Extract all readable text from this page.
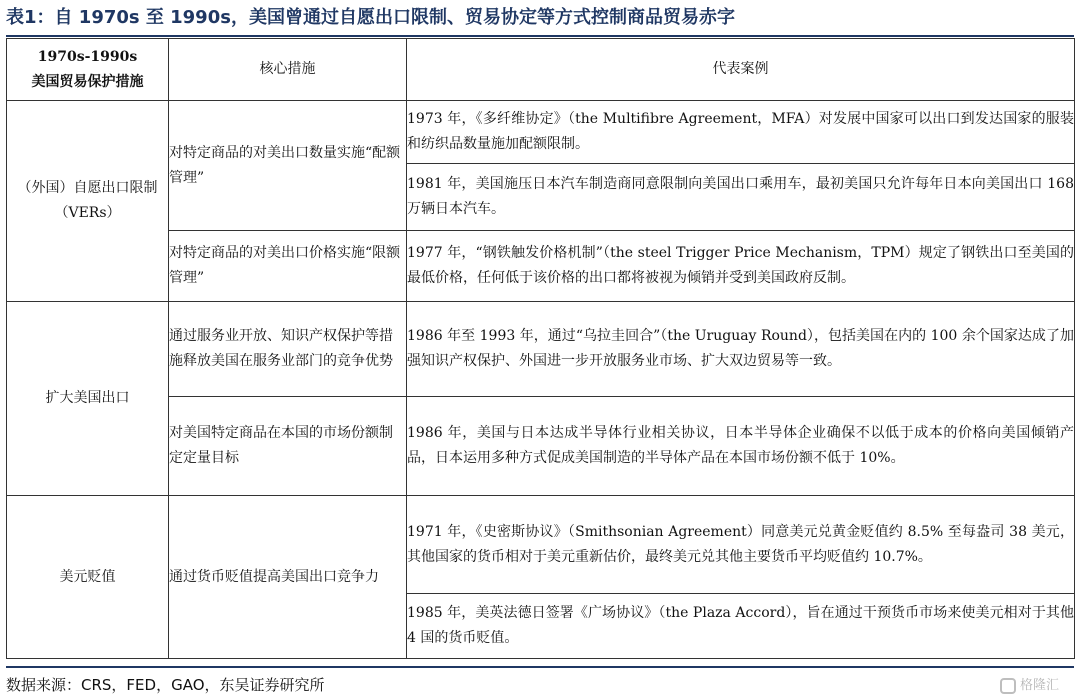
表1：自 1970s 至 1990s，美国曾通过自愿出口限制、贸易协定等方式控制商品贸易赤字
1970s-1990s
美国贸易保护措施	核心措施	代表案例
（外国）自愿出口限制（VERs）	对特定商品的对美出口数量实施“配额管理”	1973 年，《多纤维协定》（the Multifibre Agreement，MFA）对发展中国家可以出口到发达国家的服装和纺织品数量施加配额限制。
		1981 年，美国施压日本汽车制造商同意限制向美国出口乘用车，最初美国只允许每年日本向美国出口 168 万辆日本汽车。
	对特定商品的对美出口价格实施“限额管理”	1977 年，“钢铁触发价格机制”（the steel Trigger Price Mechanism，TPM）规定了钢铁出口至美国的最低价格，任何低于该价格的出口都将被视为倾销并受到美国政府反制。
扩大美国出口	通过服务业开放、知识产权保护等措施释放美国在服务业部门的竞争优势	1986 年至 1993 年，通过“乌拉圭回合”（the Uruguay Round），包括美国在内的 100 余个国家达成了加强知识产权保护、外国进一步开放服务业市场、扩大双边贸易等一致。
	对美国特定商品在本国的市场份额制定定量目标	1986 年，美国与日本达成半导体行业相关协议，日本半导体企业确保不以低于成本的价格向美国倾销产品，日本运用多种方式促成美国制造的半导体产品在本国市场份额不低于 10%。
美元贬值	通过货币贬值提高美国出口竞争力	1971 年，《史密斯协议》（Smithsonian Agreement）同意美元兑黄金贬值约 8.5% 至每盎司 38 美元，其他国家的货币相对于美元重新估价，最终美元兑其他主要货币平均贬值约 10.7%。
		1985 年，美英法德日签署《广场协议》（the Plaza Accord），旨在通过干预货币市场来使美元相对于其他 4 国的货币贬值。
数据来源：CRS，FED，GAO，东吴证券研究所	格隆汇
